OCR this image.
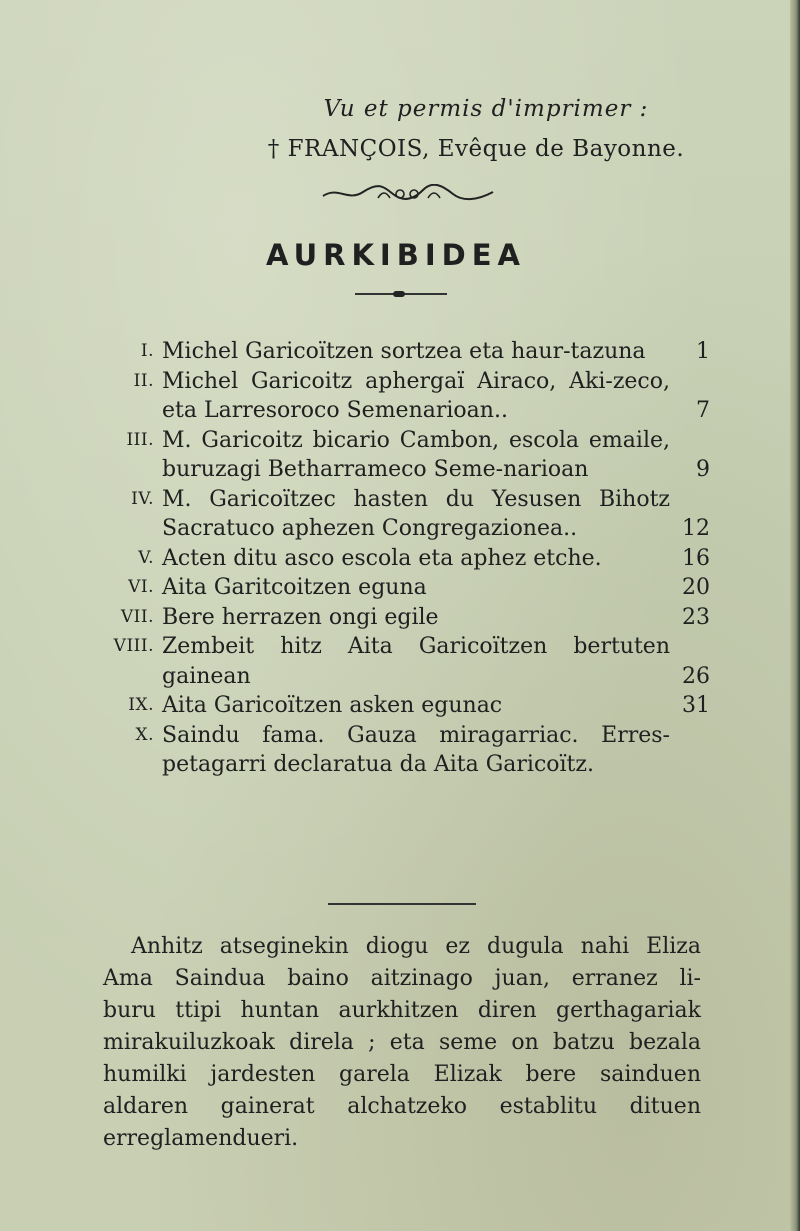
Vu et permis d'imprimer :
† FRANÇOIS, Evêque de Bayonne.
AURKIBIDEA
I. Michel Garicoïtzen sortzea eta haur-tazuna	1
II. Michel Garicoitz aphergaï Airaco, Aki-zeco, eta Larresoroco Semenarioan..	7
III. M. Garicoitz bicario Cambon, escola emaile, buruzagi Betharrameco Seme-narioan	9
IV. M. Garicoïtzec hasten du Yesusen Bihotz Sacratuco aphezen Congregazionea..	12
V. Acten ditu asco escola eta aphez etche.	16
VI. Aita Garitcoitzen eguna	20
VII. Bere herrazen ongi egile	23
VIII. Zembeit hitz Aita Garicoïtzen bertuten gainean	26
IX. Aita Garicoïtzen asken egunac	31
X. Saindu fama. Gauza miragarriac. Erres-petagarri declaratua da Aita Garicoïtz.
Anhitz atseginekin diogu ez dugula nahi Eliza
Ama Saindua baino aitzinago juan, erranez li-
buru ttipi huntan aurkhitzen diren gerthagariak
mirakuiluzkoak direla ; eta seme on batzu bezala
humilki jardesten garela Elizak bere sainduen
aldaren gainerat alchatzeko establitu dituen
erreglamendueri.
